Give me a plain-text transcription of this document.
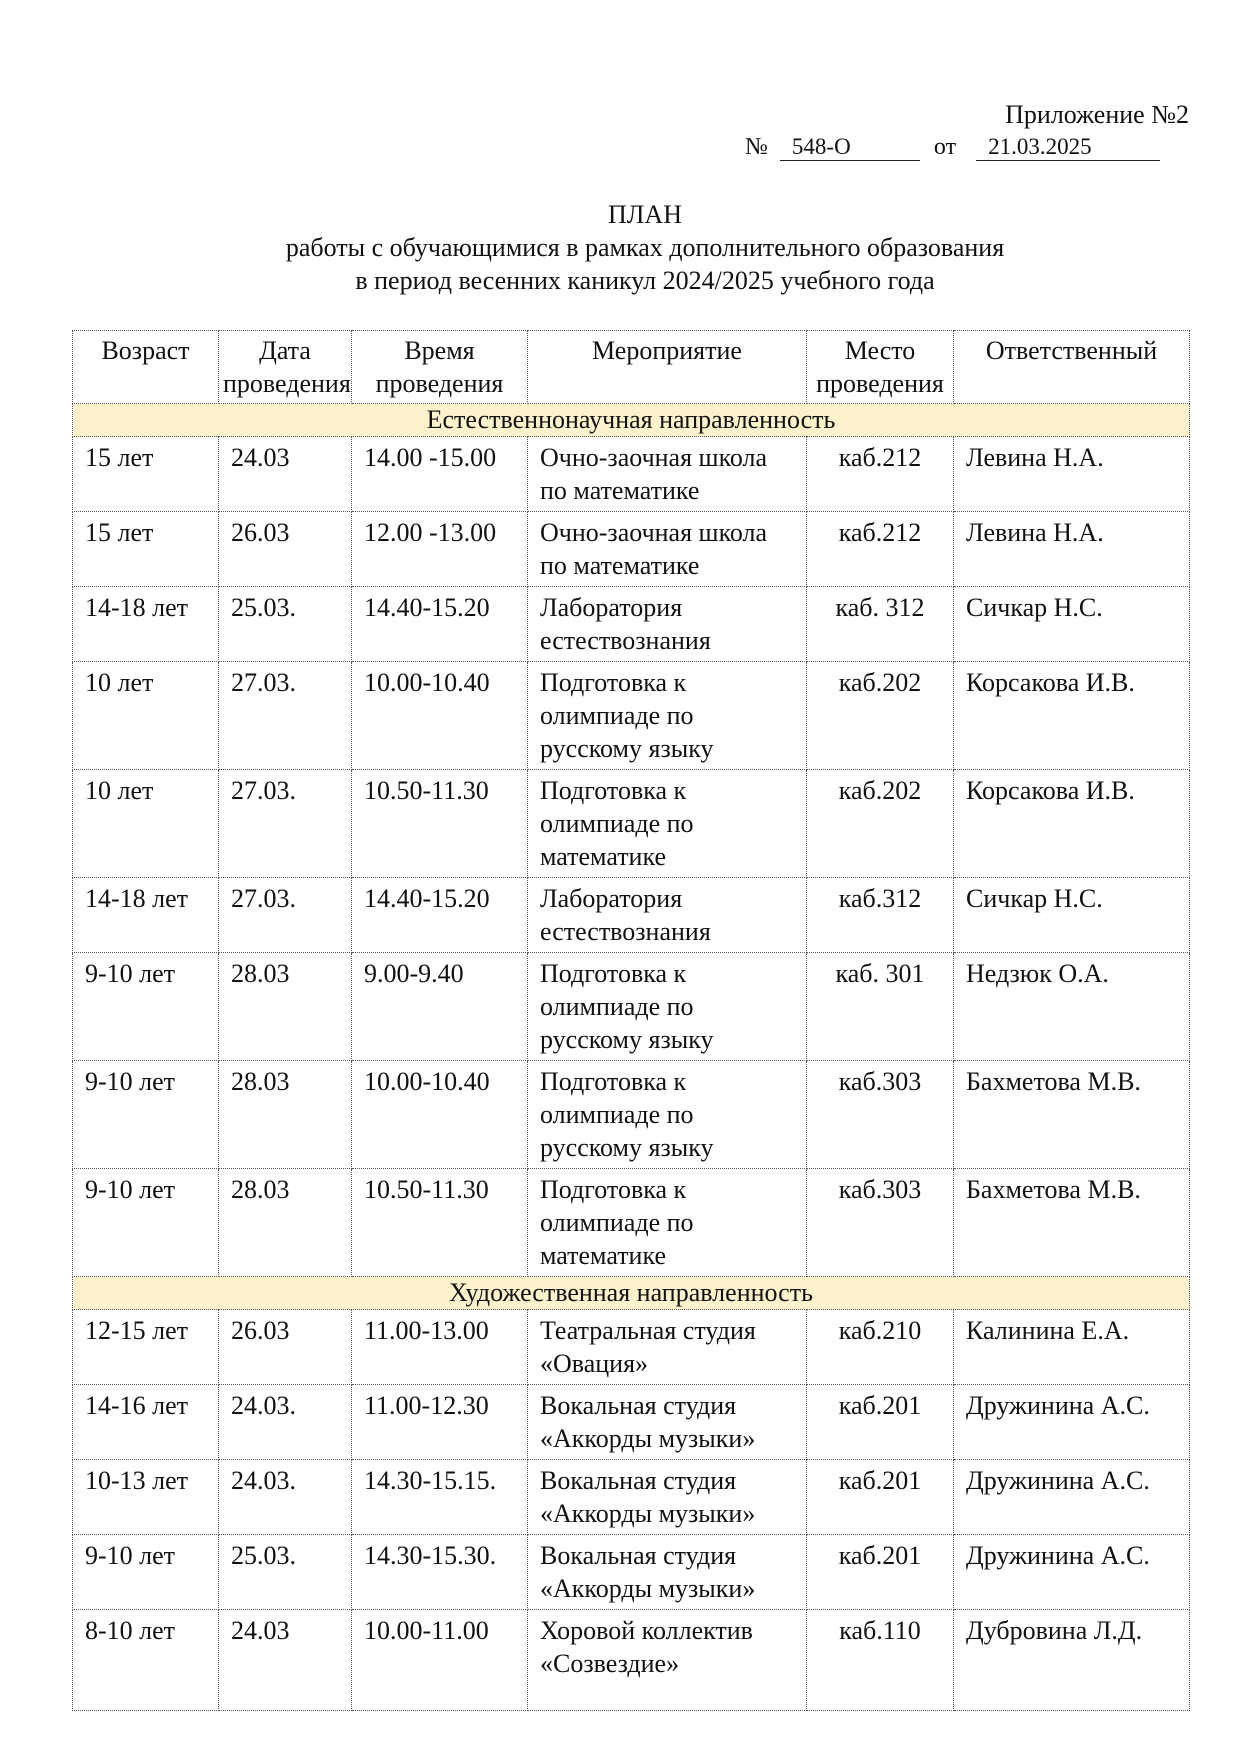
Приложение №2
№	548-О	от	21.03.2025
ПЛАН
работы с обучающимися в рамках дополнительного образования
в период весенних каникул 2024/2025 учебного года
Возраст	Дата проведения	Время проведения	Мероприятие	Место проведения	Ответственный
Естественнонаучная направленность					
15 лет	24.03	14.00 -15.00	Очно-заочная школа по математике	каб.212	Левина Н.А.
15 лет	26.03	12.00 -13.00	Очно-заочная школа по математике	каб.212	Левина Н.А.
14-18 лет	25.03.	14.40-15.20	Лаборатория естествознания	каб. 312	Сичкар Н.С.
10 лет	27.03.	10.00-10.40	Подготовка к олимпиаде по русскому языку	каб.202	Корсакова И.В.
10 лет	27.03.	10.50-11.30	Подготовка к олимпиаде по математике	каб.202	Корсакова И.В.
14-18 лет	27.03.	14.40-15.20	Лаборатория естествознания	каб.312	Сичкар Н.С.
9-10 лет	28.03	9.00-9.40	Подготовка к олимпиаде по русскому языку	каб. 301	Недзюк О.А.
9-10 лет	28.03	10.00-10.40	Подготовка к олимпиаде по русскому языку	каб.303	Бахметова М.В.
9-10 лет	28.03	10.50-11.30	Подготовка к олимпиаде по математике	каб.303	Бахметова М.В.
Художественная направленность					
12-15 лет	26.03	11.00-13.00	Театральная студия «Овация»	каб.210	Калинина Е.А.
14-16 лет	24.03.	11.00-12.30	Вокальная студия «Аккорды музыки»	каб.201	Дружинина А.С.
10-13 лет	24.03.	14.30-15.15.	Вокальная студия «Аккорды музыки»	каб.201	Дружинина А.С.
9-10 лет	25.03.	14.30-15.30.	Вокальная студия «Аккорды музыки»	каб.201	Дружинина А.С.
8-10 лет	24.03	10.00-11.00	Хоровой коллектив «Созвездие»	каб.110	Дубровина Л.Д.
